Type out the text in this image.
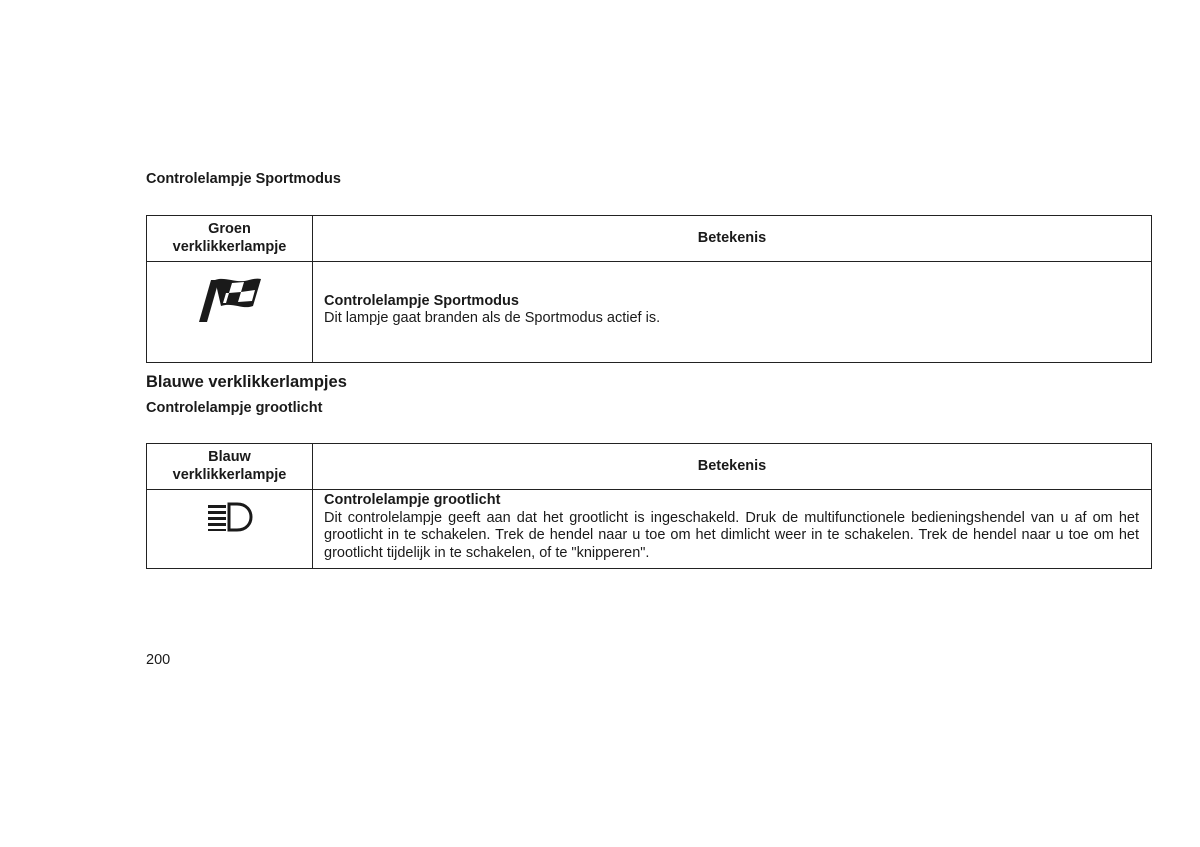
Controlelampje Sportmodus

Groen verklikkerlampje	Betekenis

Controlelampje Sportmodus
Dit lampje gaat branden als de Sportmodus actief is.

Blauwe verklikkerlampjes

Controlelampje grootlicht

Blauw verklikkerlampje	Betekenis

Controlelampje grootlicht
Dit controlelampje geeft aan dat het grootlicht is ingeschakeld. Druk de multifunctionele bedieningshendel van u af om het grootlicht in te schakelen. Trek de hendel naar u toe om het dimlicht weer in te schakelen. Trek de hendel naar u toe om het grootlicht tijdelijk in te schakelen, of te "knipperen".

200
